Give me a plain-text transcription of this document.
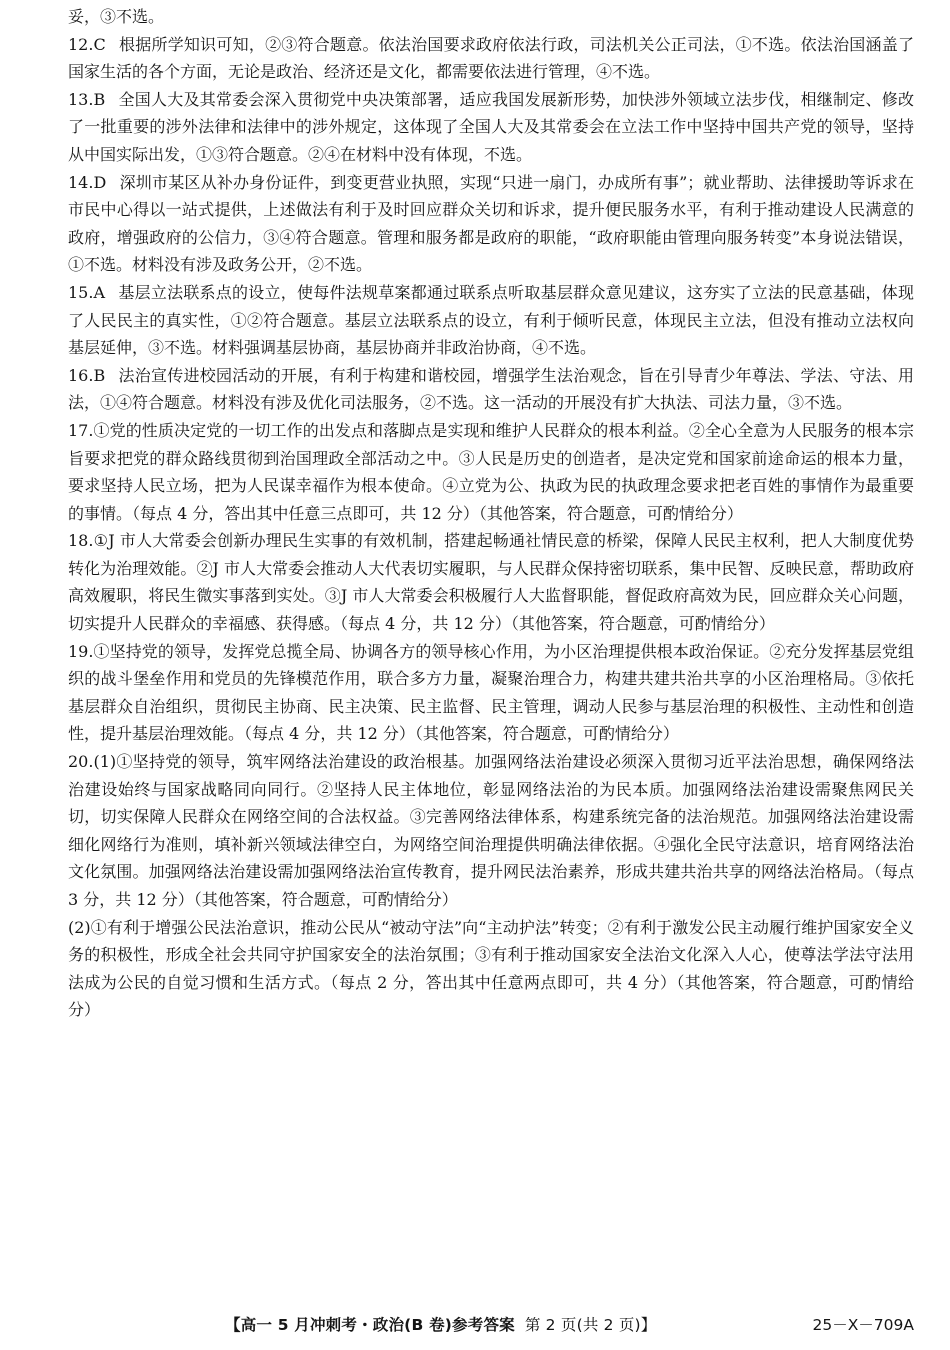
妥，③不选。

12.C  根据所学知识可知，②③符合题意。依法治国要求政府依法行政，司法机关公正司法，①不选。依法治国涵盖了国家生活的各个方面，无论是政治、经济还是文化，都需要依法进行管理，④不选。

13.B  全国人大及其常委会深入贯彻党中央决策部署，适应我国发展新形势，加快涉外领域立法步伐，相继制定、修改了一批重要的涉外法律和法律中的涉外规定，这体现了全国人大及其常委会在立法工作中坚持中国共产党的领导，坚持从中国实际出发，①③符合题意。②④在材料中没有体现，不选。

14.D  深圳市某区从补办身份证件，到变更营业执照，实现“只进一扇门，办成所有事”；就业帮助、法律援助等诉求在市民中心得以一站式提供，上述做法有利于及时回应群众关切和诉求，提升便民服务水平，有利于推动建设人民满意的政府，增强政府的公信力，③④符合题意。管理和服务都是政府的职能，“政府职能由管理向服务转变”本身说法错误，①不选。材料没有涉及政务公开，②不选。

15.A  基层立法联系点的设立，使每件法规草案都通过联系点听取基层群众意见建议，这夯实了立法的民意基础，体现了人民民主的真实性，①②符合题意。基层立法联系点的设立，有利于倾听民意，体现民主立法，但没有推动立法权向基层延伸，③不选。材料强调基层协商，基层协商并非政治协商，④不选。

16.B  法治宣传进校园活动的开展，有利于构建和谐校园，增强学生法治观念，旨在引导青少年尊法、学法、守法、用法，①④符合题意。材料没有涉及优化司法服务，②不选。这一活动的开展没有扩大执法、司法力量，③不选。

17.①党的性质决定党的一切工作的出发点和落脚点是实现和维护人民群众的根本利益。②全心全意为人民服务的根本宗旨要求把党的群众路线贯彻到治国理政全部活动之中。③人民是历史的创造者，是决定党和国家前途命运的根本力量，要求坚持人民立场，把为人民谋幸福作为根本使命。④立党为公、执政为民的执政理念要求把老百姓的事情作为最重要的事情。（每点 4 分，答出其中任意三点即可，共 12 分）（其他答案，符合题意，可酌情给分）

18.①J 市人大常委会创新办理民生实事的有效机制，搭建起畅通社情民意的桥梁，保障人民民主权利，把人大制度优势转化为治理效能。②J 市人大常委会推动人大代表切实履职，与人民群众保持密切联系，集中民智、反映民意，帮助政府高效履职，将民生微实事落到实处。③J 市人大常委会积极履行人大监督职能，督促政府高效为民，回应群众关心问题，切实提升人民群众的幸福感、获得感。（每点 4 分，共 12 分）（其他答案，符合题意，可酌情给分）

19.①坚持党的领导，发挥党总揽全局、协调各方的领导核心作用，为小区治理提供根本政治保证。②充分发挥基层党组织的战斗堡垒作用和党员的先锋模范作用，联合多方力量，凝聚治理合力，构建共建共治共享的小区治理格局。③依托基层群众自治组织，贯彻民主协商、民主决策、民主监督、民主管理，调动人民参与基层治理的积极性、主动性和创造性，提升基层治理效能。（每点 4 分，共 12 分）（其他答案，符合题意，可酌情给分）

20.(1)①坚持党的领导，筑牢网络法治建设的政治根基。加强网络法治建设必须深入贯彻习近平法治思想，确保网络法治建设始终与国家战略同向同行。②坚持人民主体地位，彰显网络法治的为民本质。加强网络法治建设需聚焦网民关切，切实保障人民群众在网络空间的合法权益。③完善网络法律体系，构建系统完备的法治规范。加强网络法治建设需细化网络行为准则，填补新兴领域法律空白，为网络空间治理提供明确法律依据。④强化全民守法意识，培育网络法治文化氛围。加强网络法治建设需加强网络法治宣传教育，提升网民法治素养，形成共建共治共享的网络法治格局。（每点 3 分，共 12 分）（其他答案，符合题意，可酌情给分）

(2)①有利于增强公民法治意识，推动公民从“被动守法”向“主动护法”转变；②有利于激发公民主动履行维护国家安全义务的积极性，形成全社会共同守护国家安全的法治氛围；③有利于推动国家安全法治文化深入人心，使尊法学法守法用法成为公民的自觉习惯和生活方式。（每点 2 分，答出其中任意两点即可，共 4 分）（其他答案，符合题意，可酌情给分）

【高一 5 月冲刺考・政治(B 卷)参考答案 第 2 页(共 2 页)】	25－X－709A
